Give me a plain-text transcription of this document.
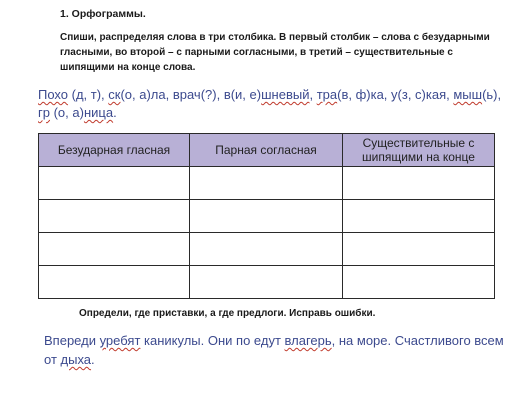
1. Орфограммы.
Спиши, распределяя слова в три столбика. В первый столбик – слова с безударными гласными, во второй – с парными согласными, в третий – существительные с шипящими на конце слова.
Похо (д, т), ск(о, а)ла, врач(?), в(и, е)шневый, тра(в, ф)ка, у(з, с)кая, мыш(ь), гр (о, а)ница.
Безударная гласная	Парная согласная	Существительные с шипящими на конце

Определи, где приставки, а где предлоги. Исправь ошибки.
Впереди уребят каникулы. Они по едут влагерь, на море. Счастливого всем от дыха.
